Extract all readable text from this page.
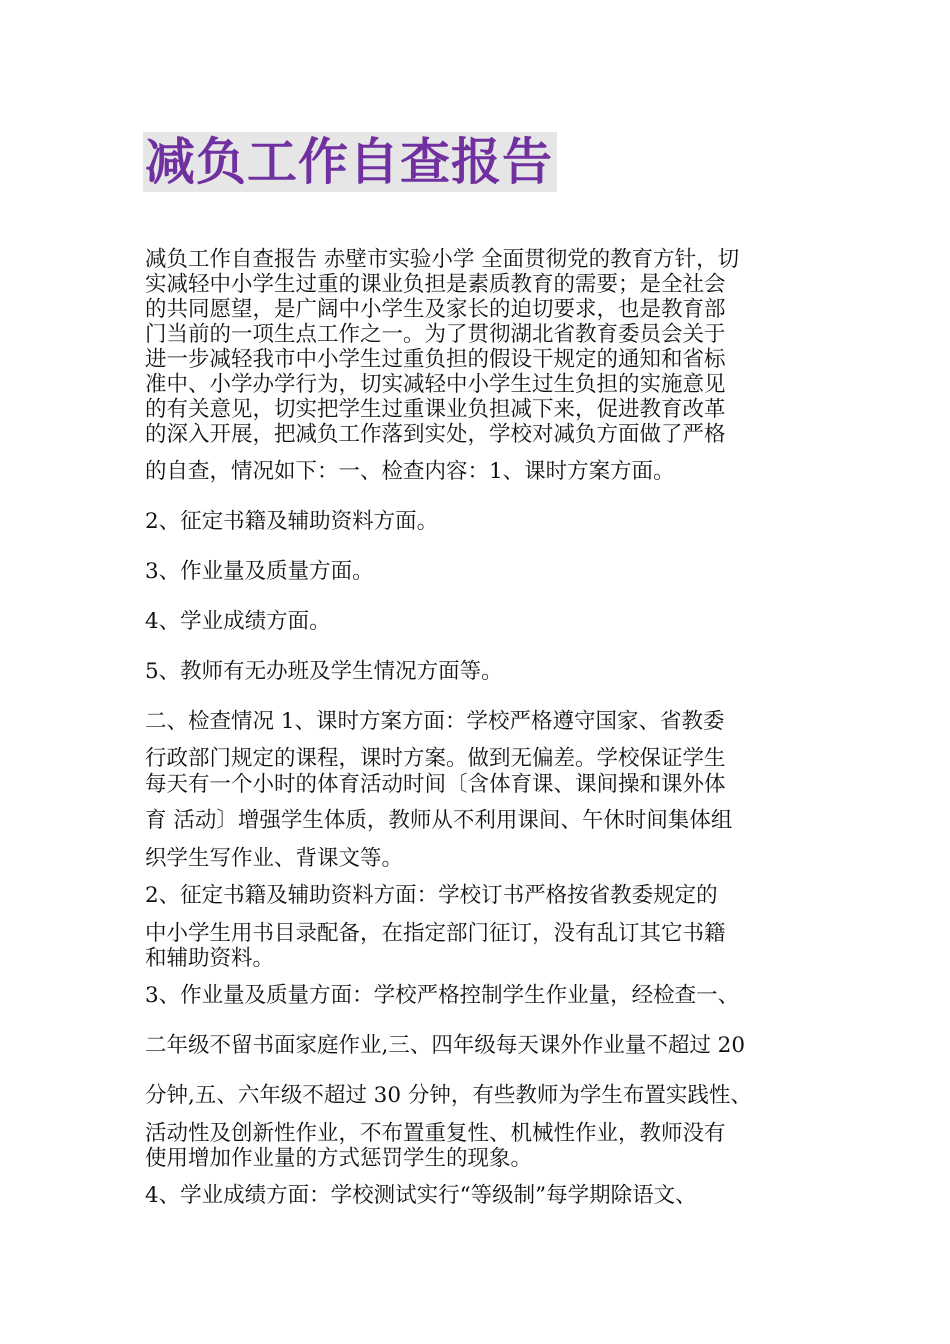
减负工作自查报告
减负工作自查报告 赤壁市实验小学 全面贯彻党的教育方针，切
实减轻中小学生过重的课业负担是素质教育的需要；是全社会
的共同愿望，是广阔中小学生及家长的迫切要求，也是教育部
门当前的一项生点工作之一。为了贯彻湖北省教育委员会关于
进一步减轻我市中小学生过重负担的假设干规定的通知和省标
准中、小学办学行为，切实减轻中小学生过生负担的实施意见
的有关意见，切实把学生过重课业负担减下来，促进教育改革
的深入开展，把减负工作落到实处，学校对减负方面做了严格
的自查，情况如下：一、检查内容：1、课时方案方面。
2、征定书籍及辅助资料方面。
3、作业量及质量方面。
4、学业成绩方面。
5、教师有无办班及学生情况方面等。
二、检查情况 1、课时方案方面：学校严格遵守国家、省教委
行政部门规定的课程，课时方案。做到无偏差。学校保证学生
每天有一个小时的体育活动时间〔含体育课、课间操和课外体
育 活动〕增强学生体质，教师从不利用课间、午休时间集体组
织学生写作业、背课文等。
2、征定书籍及辅助资料方面：学校订书严格按省教委规定的
中小学生用书目录配备，在指定部门征订，没有乱订其它书籍
和辅助资料。
3、作业量及质量方面：学校严格控制学生作业量，经检查一、
二年级不留书面家庭作业,三、四年级每天课外作业量不超过 20
分钟,五、六年级不超过 30 分钟，有些教师为学生布置实践性、
活动性及创新性作业，不布置重复性、机械性作业，教师没有
使用增加作业量的方式惩罚学生的现象。
4、学业成绩方面：学校测试实行“等级制”每学期除语文、
